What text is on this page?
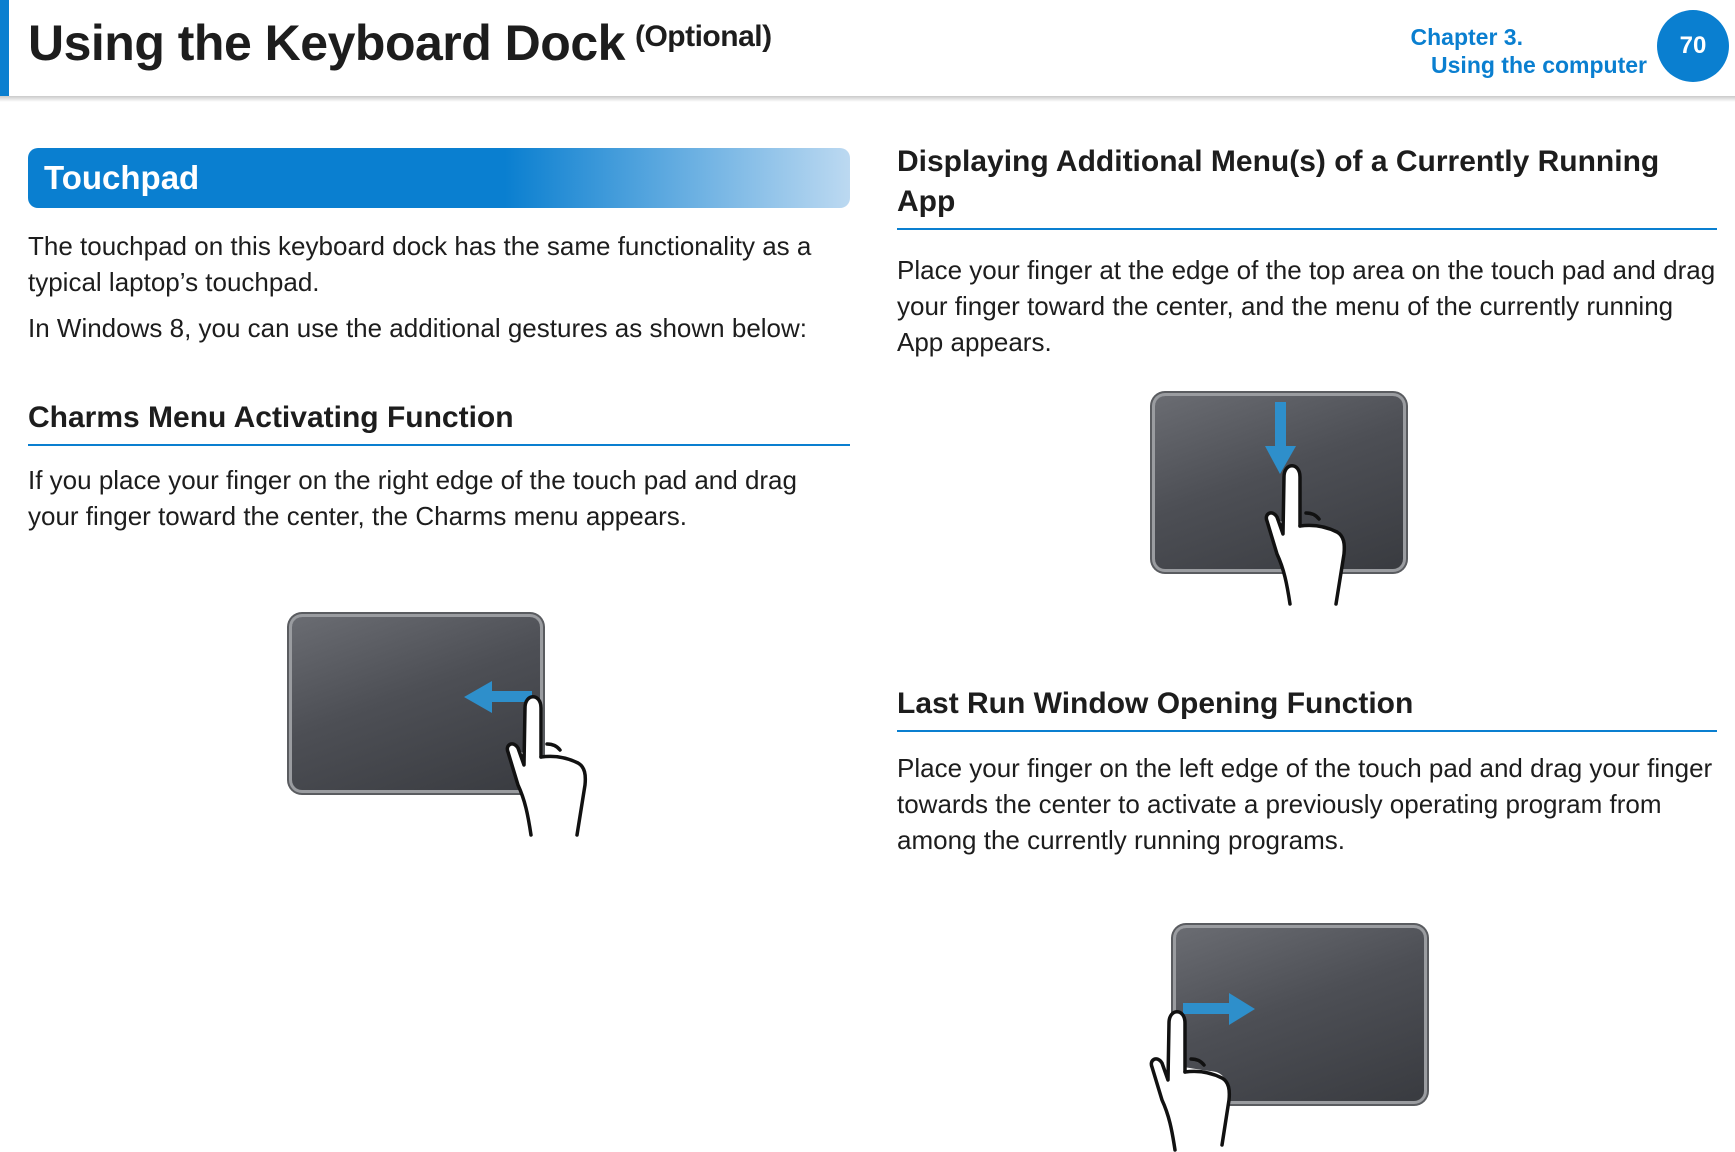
Using the Keyboard Dock $^{(Optional)}$	Chapter 3.
Using the computer
70
Touchpad

The touchpad on this keyboard dock has the same functionality as a typical laptop’s touchpad.

In Windows 8, you can use the additional gestures as shown below:

Charms Menu Activating Function

If you place your finger on the right edge of the touch pad and drag your finger toward the center, the Charms menu appears.

Displaying Additional Menu(s) of a Currently Running App

Place your finger at the edge of the top area on the touch pad and drag your finger toward the center, and the menu of the currently running App appears.

Last Run Window Opening Function

Place your finger on the left edge of the touch pad and drag your finger towards the center to activate a previously operating program from among the currently running programs.
